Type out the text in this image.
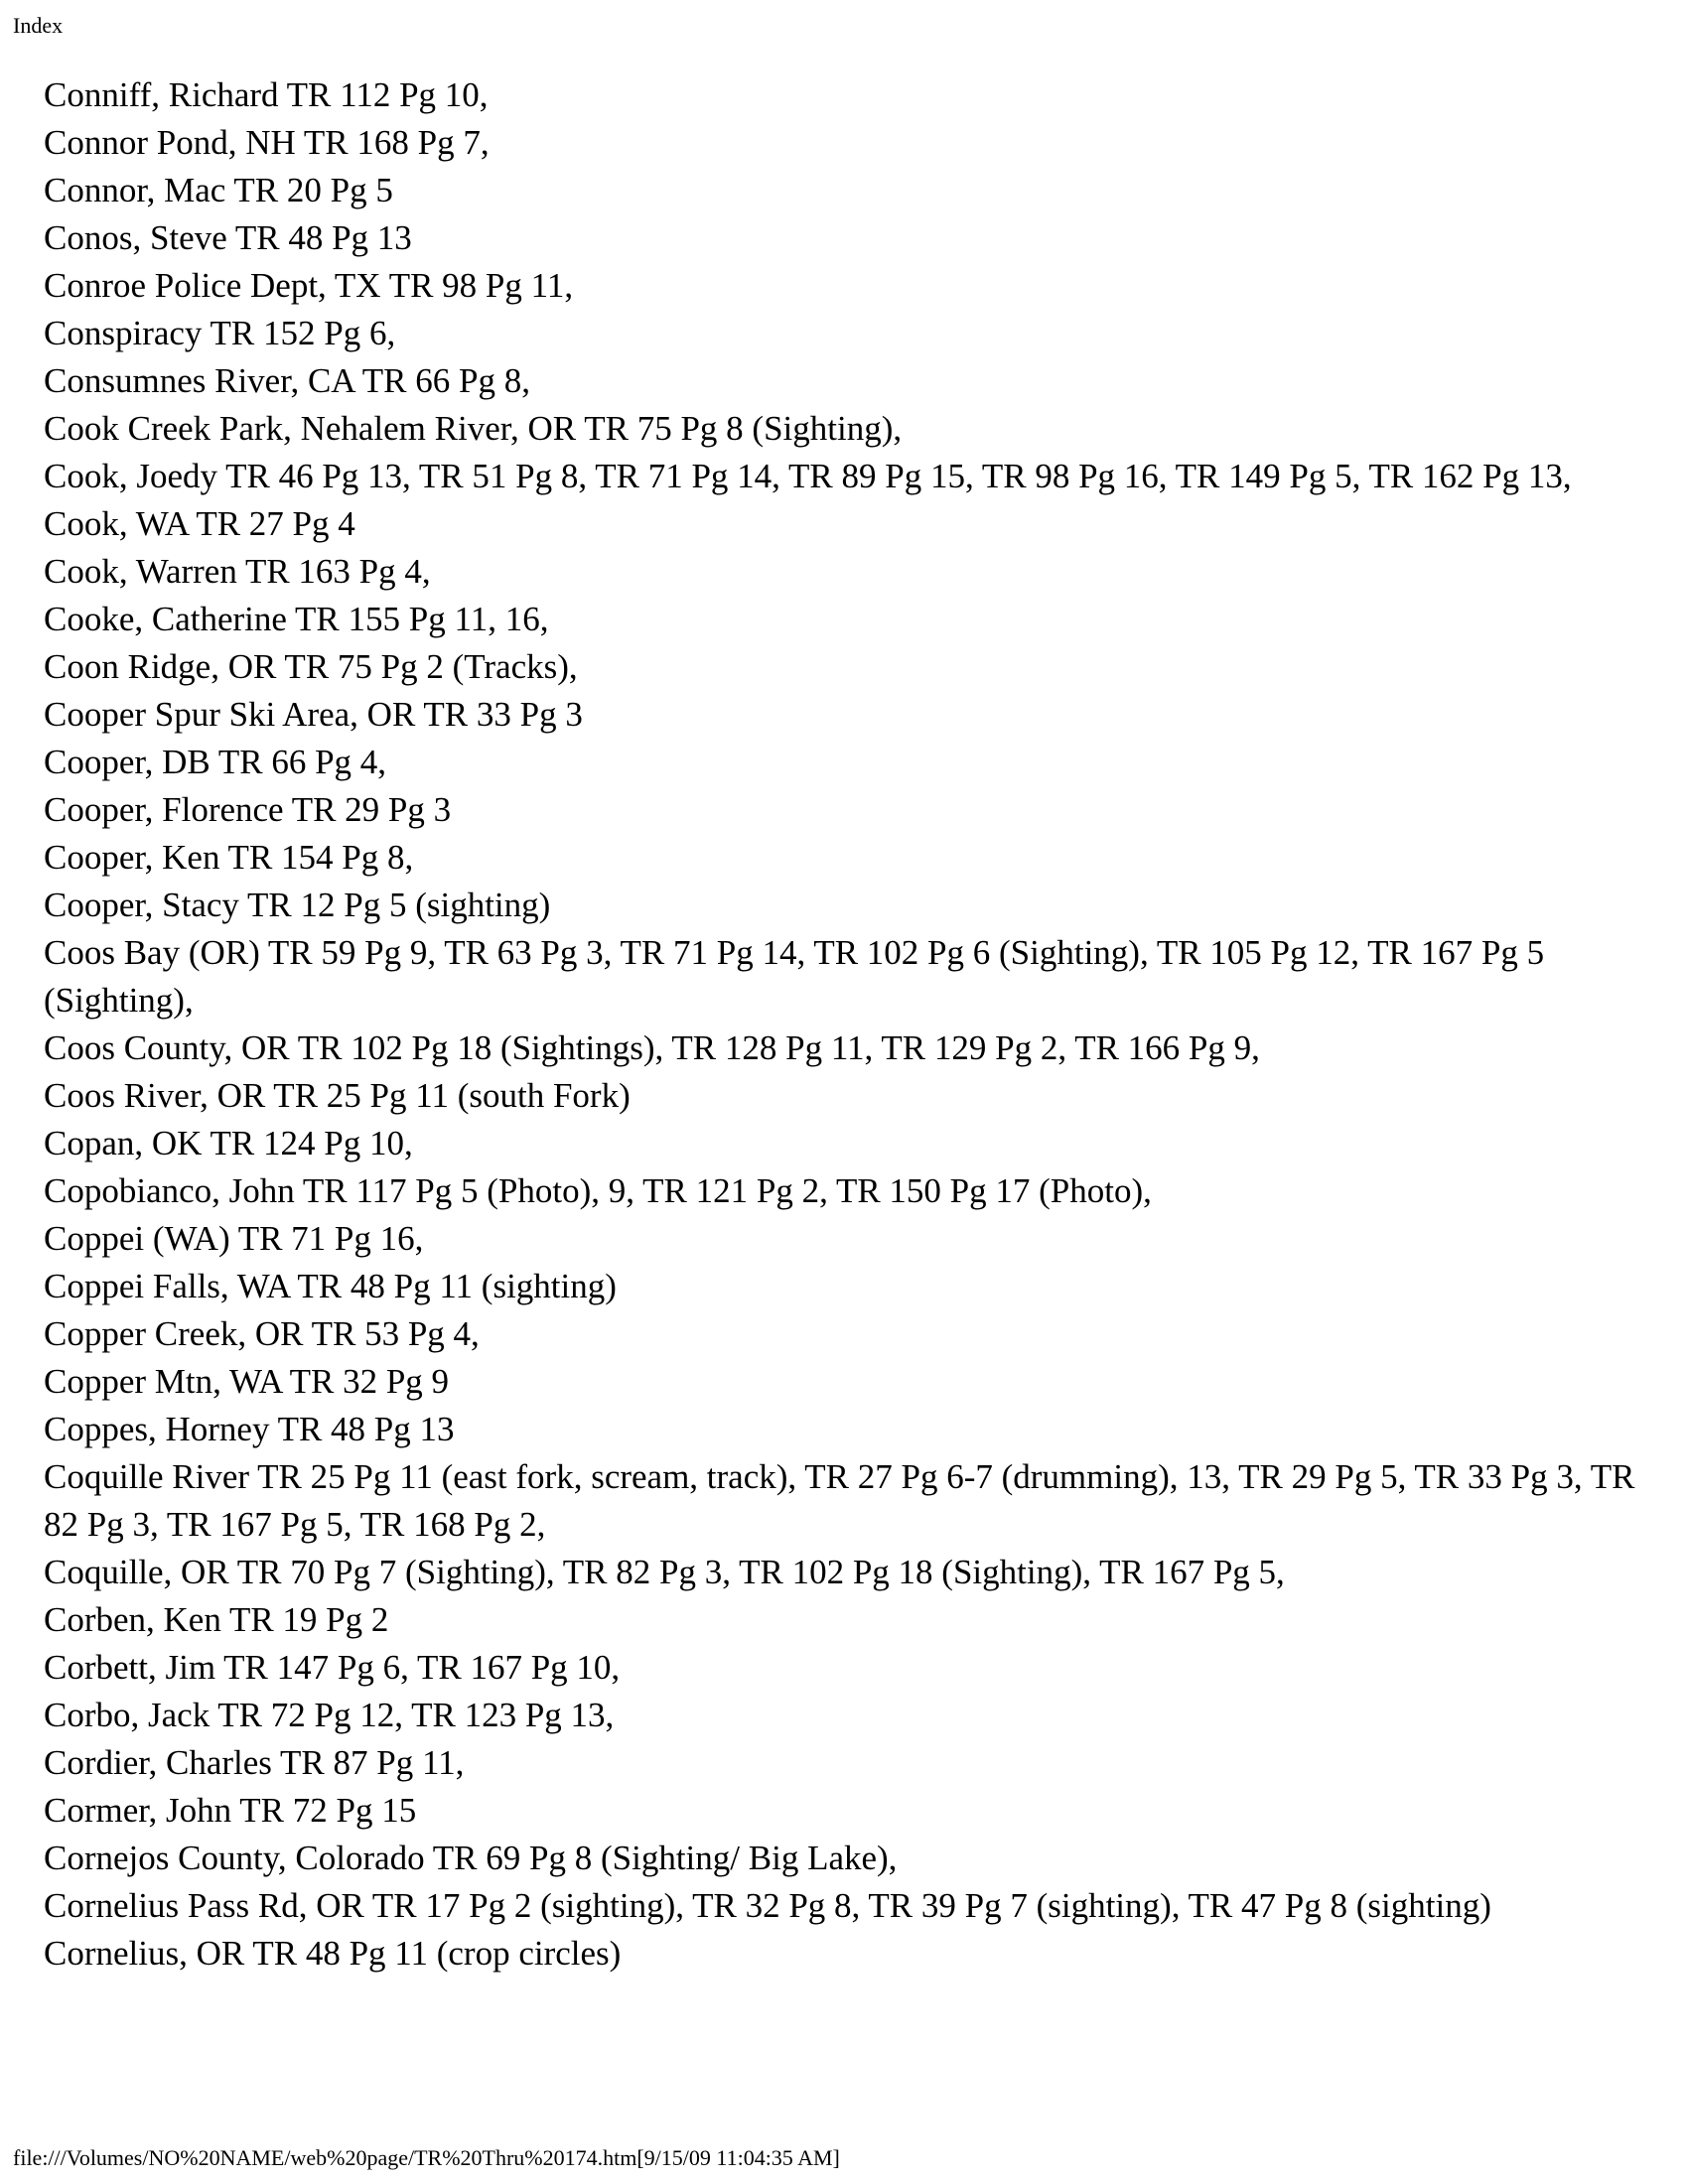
Index
Conniff, Richard TR 112 Pg 10,
Connor Pond, NH TR 168 Pg 7,
Connor, Mac TR 20 Pg 5
Conos, Steve TR 48 Pg 13
Conroe Police Dept, TX TR 98 Pg 11,
Conspiracy TR 152 Pg 6,
Consumnes River, CA TR 66 Pg 8,
Cook Creek Park, Nehalem River, OR TR 75 Pg 8 (Sighting),
Cook, Joedy TR 46 Pg 13, TR 51 Pg 8, TR 71 Pg 14, TR 89 Pg 15, TR 98 Pg 16, TR 149 Pg 5, TR 162 Pg 13,
Cook, WA TR 27 Pg 4
Cook, Warren TR 163 Pg 4,
Cooke, Catherine TR 155 Pg 11, 16,
Coon Ridge, OR TR 75 Pg 2 (Tracks),
Cooper Spur Ski Area, OR TR 33 Pg 3
Cooper, DB TR 66 Pg 4,
Cooper, Florence TR 29 Pg 3
Cooper, Ken TR 154 Pg 8,
Cooper, Stacy TR 12 Pg 5 (sighting)
Coos Bay (OR) TR 59 Pg 9, TR 63 Pg 3, TR 71 Pg 14, TR 102 Pg 6 (Sighting), TR 105 Pg 12, TR 167 Pg 5 (Sighting),
Coos County, OR TR 102 Pg 18 (Sightings), TR 128 Pg 11, TR 129 Pg 2, TR 166 Pg 9,
Coos River, OR TR 25 Pg 11 (south Fork)
Copan, OK TR 124 Pg 10,
Copobianco, John TR 117 Pg 5 (Photo), 9, TR 121 Pg 2, TR 150 Pg 17 (Photo),
Coppei (WA) TR 71 Pg 16,
Coppei Falls, WA TR 48 Pg 11 (sighting)
Copper Creek, OR TR 53 Pg 4,
Copper Mtn, WA TR 32 Pg 9
Coppes, Horney TR 48 Pg 13
Coquille River TR 25 Pg 11 (east fork, scream, track), TR 27 Pg 6-7 (drumming), 13, TR 29 Pg 5, TR 33 Pg 3, TR 82 Pg 3, TR 167 Pg 5, TR 168 Pg 2,
Coquille, OR TR 70 Pg 7 (Sighting), TR 82 Pg 3, TR 102 Pg 18 (Sighting), TR 167 Pg 5,
Corben, Ken TR 19 Pg 2
Corbett, Jim TR 147 Pg 6, TR 167 Pg 10,
Corbo, Jack TR 72 Pg 12, TR 123 Pg 13,
Cordier, Charles TR 87 Pg 11,
Cormer, John TR 72 Pg 15
Cornejos County, Colorado TR 69 Pg 8 (Sighting/ Big Lake),
Cornelius Pass Rd, OR TR 17 Pg 2 (sighting), TR 32 Pg 8, TR 39 Pg 7 (sighting), TR 47 Pg 8 (sighting)
Cornelius, OR TR 48 Pg 11 (crop circles)
file:///Volumes/NO%20NAME/web%20page/TR%20Thru%20174.htm[9/15/09 11:04:35 AM]
